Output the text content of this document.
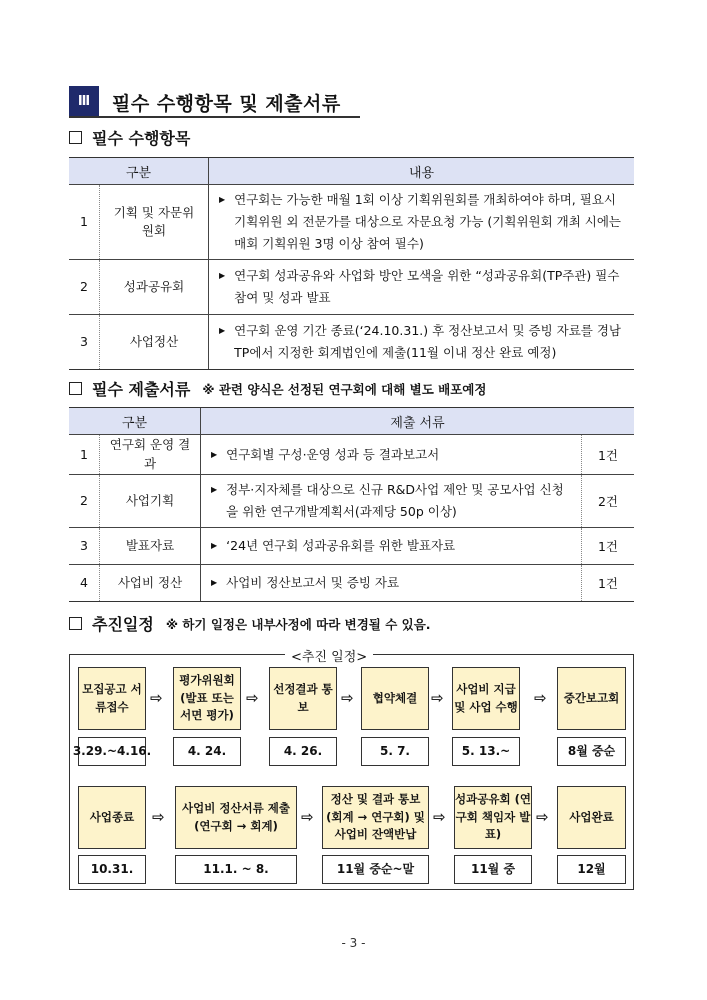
Ⅲ	필수 수행항목 및 제출서류
필수 수행항목
구분		내용
1	기획 및 자문위원회	▶ 연구회는 가능한 매월 1회 이상 기획위원회를 개최하여야 하며, 필요시 기획위원 외 전문가를 대상으로 자문요청 가능 (기획위원회 개최 시에는 매회 기획위원 3명 이상 참여 필수)

2	성과공유회	▶ 연구회 성과공유와 사업화 방안 모색을 위한 “성과공유회(TP주관) 필수 참여 및 성과 발표

3	사업정산	▶ 연구회 운영 기간 종료(‘24.10.31.) 후 정산보고서 및 증빙 자료를 경남TP에서 지정한 회계법인에 제출(11월 이내 정산 완료 예정)
필수 제출서류 ※ 관련 양식은 선정된 연구회에 대해 별도 배포예정
구분		제출 서류	
1	연구회 운영 결과	▶ 연구회별 구성·운영 성과 등 결과보고서	1건
2	사업기획	▶ 정부·지자체를 대상으로 신규 R&D사업 제안 및 공모사업 신청을 위한 연구개발계획서(과제당 50p 이상)	2건
3	발표자료	▶ ‘24년 연구회 성과공유회를 위한 발표자료	1건
4	사업비 정산	▶ 사업비 정산보고서 및 증빙 자료	1건
추진일정 ※ 하기 일정은 내부사정에 따라 변경될 수 있음.
<추진 일정>
모집공고 서류접수
3.29.~4.16.
⇨
평가위원회 (발표 또는 서면 평가)
4. 24.
⇨
선정결과 통보
4. 26.
⇨	협약체결
5. 7.
⇨
사업비 지급 및 사업 수행
5. 13.~
⇨	중간보고회
8월 중순
사업종료
10.31.
⇨
사업비 정산서류 제출 (연구회 → 회계)
11.1. ~ 8.
⇨
정산 및 결과 통보 (회계 → 연구회) 및 사업비 잔액반납
11월 중순~말
⇨
성과공유회 (연구회 책임자 발표)
11월 중
⇨	사업완료
12월
- 3 -
